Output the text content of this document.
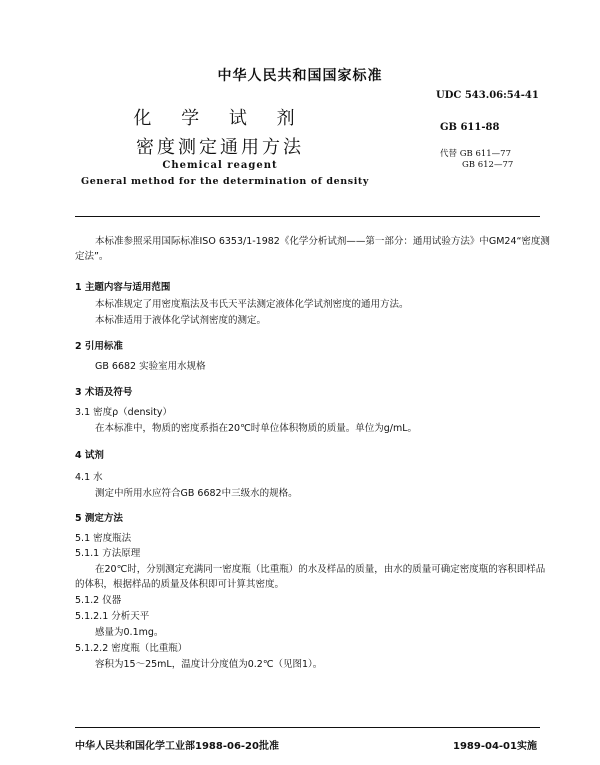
中华人民共和国国家标准
化 学 试 剂
密度测定通用方法
Chemical reagent
General method for the determination of density
UDC 543.06:54-41
GB 611-88
代替
GB 611—77
GB 612—77
本标准参照采用国际标准ISO 6353/1-1982《化学分析试剂——第一部分：通用试验方法》中GM24“密度测定法”。
1 主题内容与适用范围
本标准规定了用密度瓶法及韦氏天平法测定液体化学试剂密度的通用方法。
本标准适用于液体化学试剂密度的测定。
2 引用标准
GB 6682 实验室用水规格
3 术语及符号
3.1 密度ρ（density）
在本标准中，物质的密度系指在20℃时单位体积物质的质量。单位为g/mL。
4 试剂
4.1 水
测定中所用水应符合GB 6682中三级水的规格。
5 测定方法
5.1 密度瓶法
5.1.1 方法原理
在20℃时，分别测定充满同一密度瓶（比重瓶）的水及样品的质量，由水的质量可确定密度瓶的容积即样品的体积，根据样品的质量及体积即可计算其密度。
5.1.2 仪器
5.1.2.1 分析天平
感量为0.1mg。
5.1.2.2 密度瓶（比重瓶）
容积为15～25mL，温度计分度值为0.2℃（见图1）。
中华人民共和国化学工业部1988-06-20批准	1989-04-01实施
